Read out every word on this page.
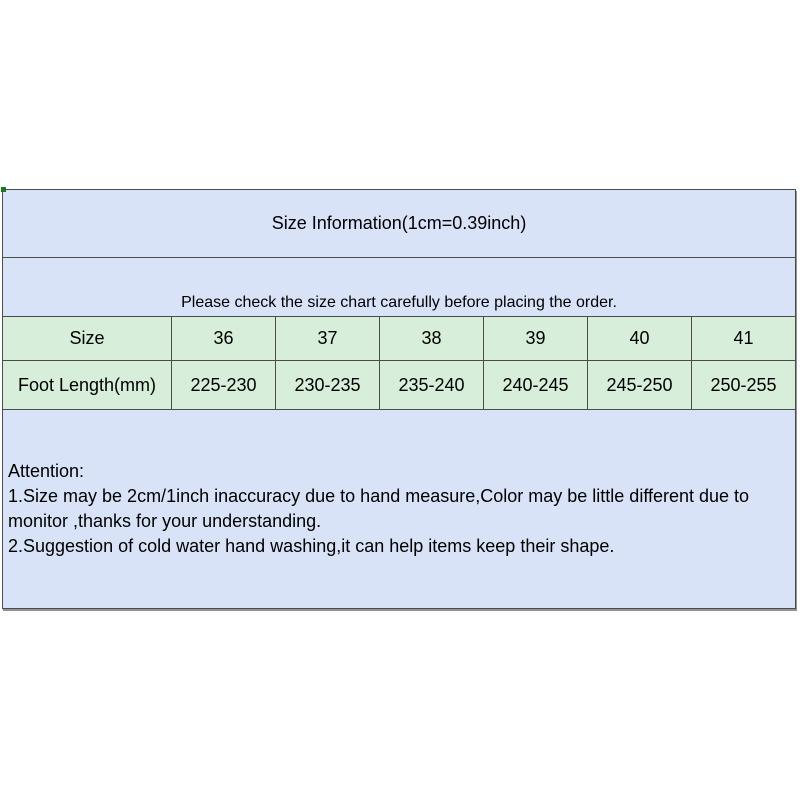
Size Information(1cm=0.39inch)
Please check the size chart carefully before placing the order.
Size	36	37	38	39	40	41
Foot Length(mm)	225-230	230-235	235-240	240-245	245-250	250-255

Attention:

1.Size may be 2cm/1inch inaccuracy due to hand measure,Color may be little different due to monitor ,thanks for your understanding.

2.Suggestion of cold water hand washing,it can help items keep their shape.
